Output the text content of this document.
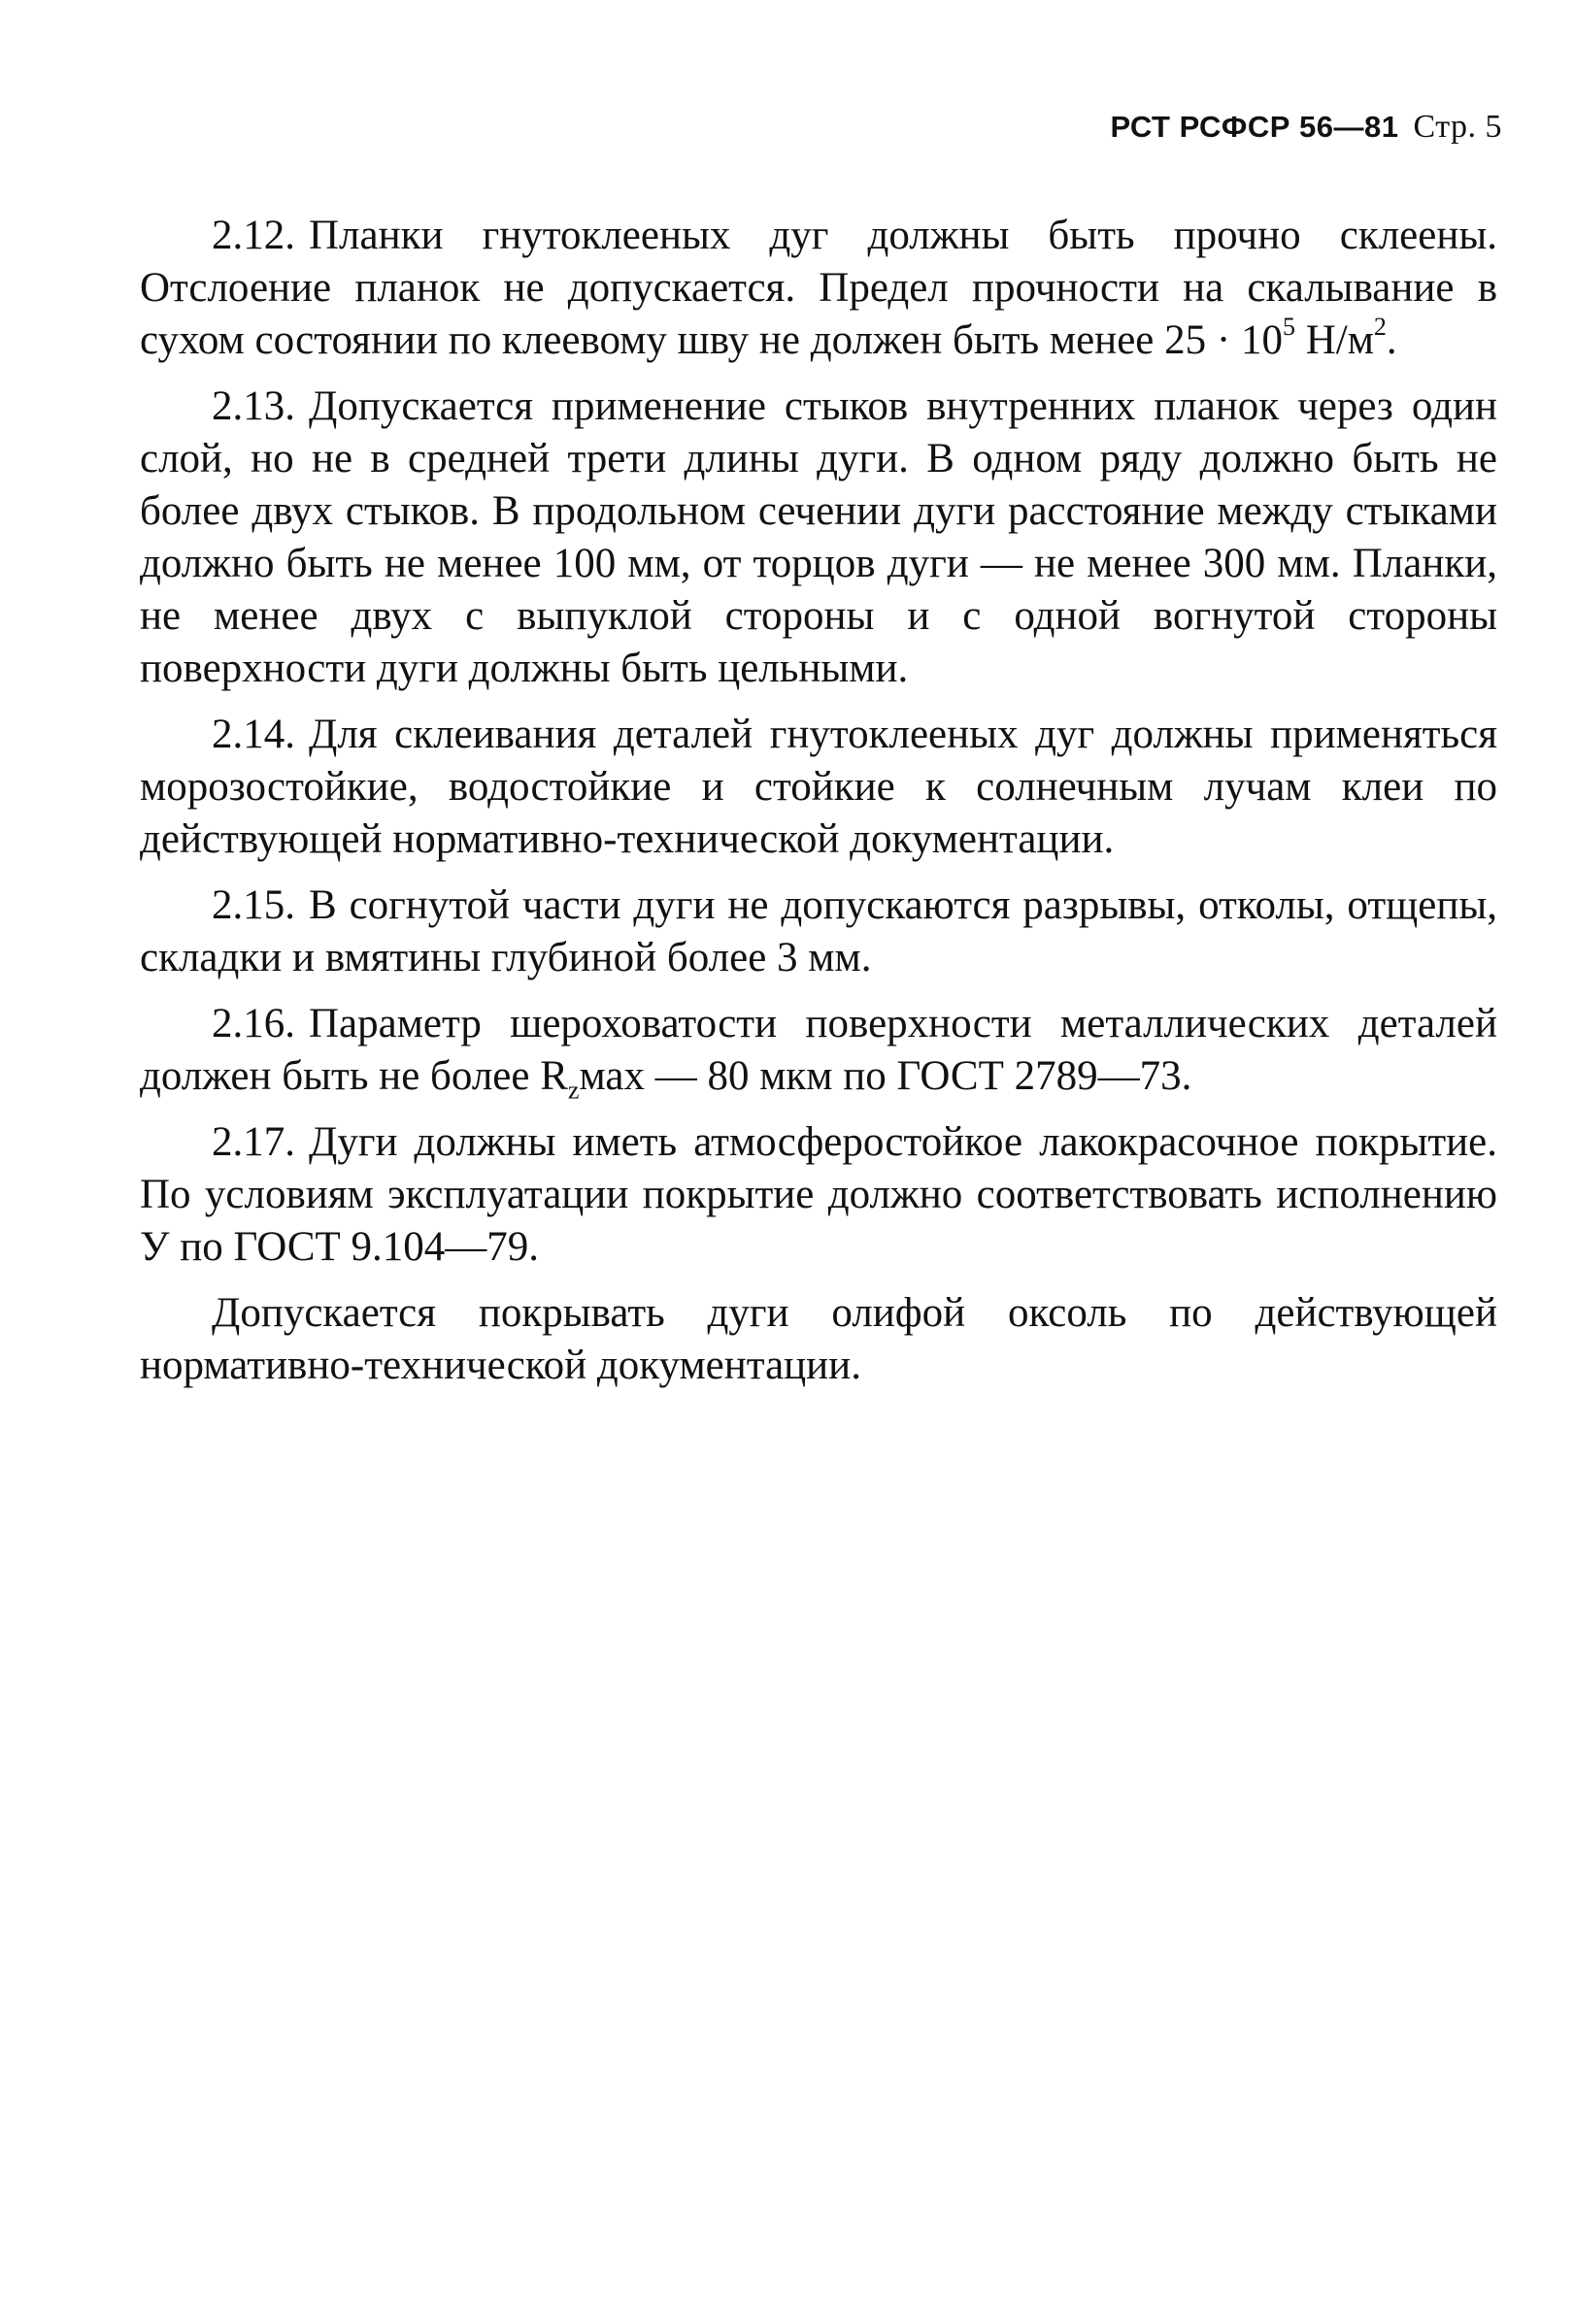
РСТ РСФСР 56—81 Стр. 5

2.12. Планки гнутоклееных дуг должны быть прочно склеены. Отслоение планок не допускается. Предел прочности на скалывание в сухом состоянии по клеевому шву не должен быть менее $25 \cdot 10^5$ $Н/м^2$.

2.13. Допускается применение стыков внутренних планок через один слой, но не в средней трети длины дуги. В одном ряду должно быть не более двух стыков. В продольном сечении дуги расстояние между стыками должно быть не менее 100 мм, от торцов дуги — не менее 300 мм. Планки, не менее двух с выпуклой стороны и с одной вогнутой стороны поверхности дуги должны быть цельными.

2.14. Для склеивания деталей гнутоклееных дуг должны применяться морозостойкие, водостойкие и стойкие к солнечным лучам клеи по действующей нормативно-технической документации.

2.15. В согнутой части дуги не допускаются разрывы, отколы, отщепы, складки и вмятины глубиной более 3 мм.

2.16. Параметр шероховатости поверхности металлических деталей должен быть не более $R_zмах$ — 80 мкм по ГОСТ 2789—73.

2.17. Дуги должны иметь атмосферостойкое лакокрасочное покрытие. По условиям эксплуатации покрытие должно соответствовать исполнению У по ГОСТ 9.104—79.

Допускается покрывать дуги олифой оксоль по действующей нормативно-технической документации.
